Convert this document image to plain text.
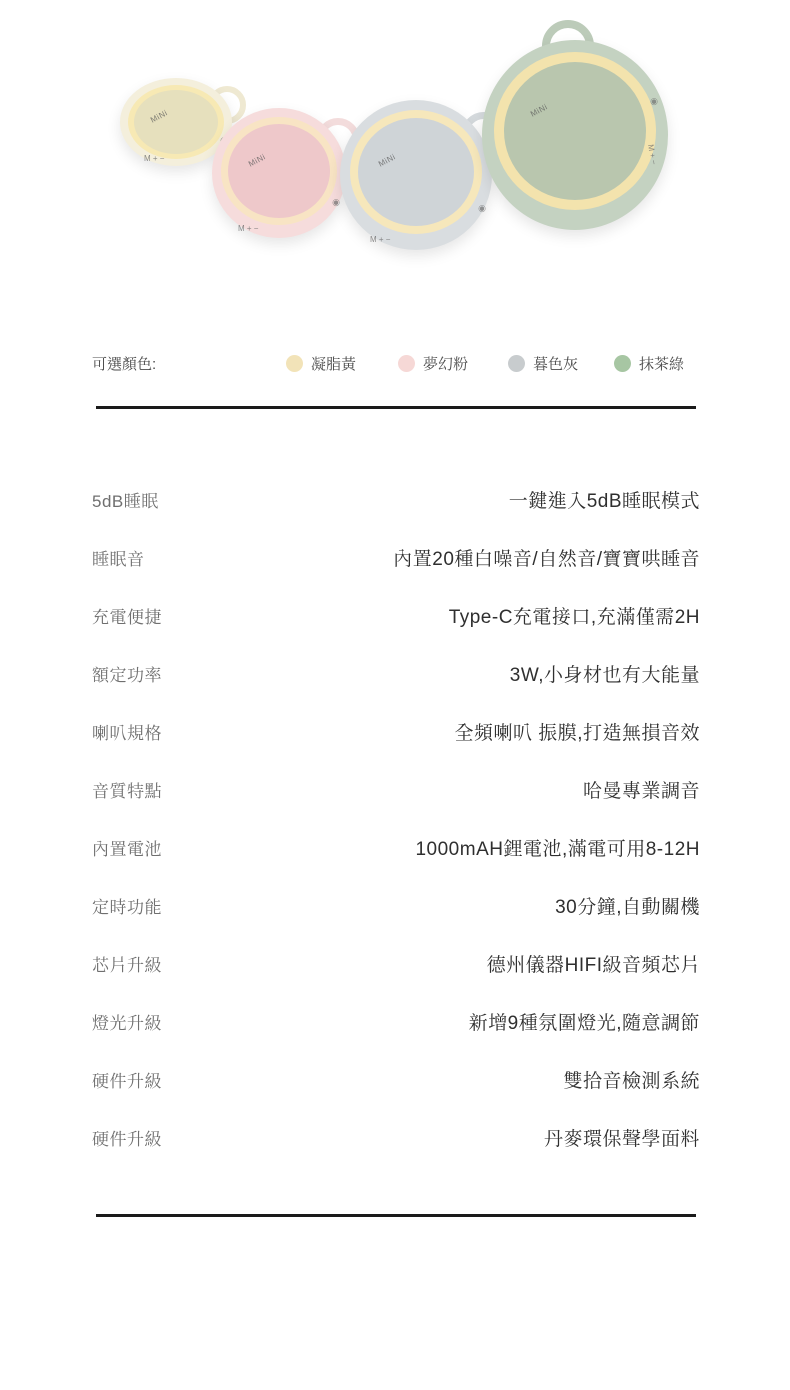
MiNi
M + −	MiNi
M + −
◉
MiNi
M + −
◉
MiNi
M + −
◉
可選顏色:	凝脂黃	夢幻粉	暮色灰	抹茶綠
5dB睡眠	一鍵進入5dB睡眠模式
睡眠音	內置20種白噪音/自然音/寶寶哄睡音
充電便捷	Type-C充電接口,充滿僅需2H
額定功率	3W,小身材也有大能量
喇叭規格	全頻喇叭 振膜,打造無損音效
音質特點	哈曼專業調音
內置電池	1000mAH鋰電池,滿電可用8-12H
定時功能	30分鐘,自動關機
芯片升級	德州儀器HIFI級音頻芯片
燈光升級	新增9種氛圍燈光,隨意調節
硬件升級	雙拾音檢測系統
硬件升級	丹麥環保聲學面料
